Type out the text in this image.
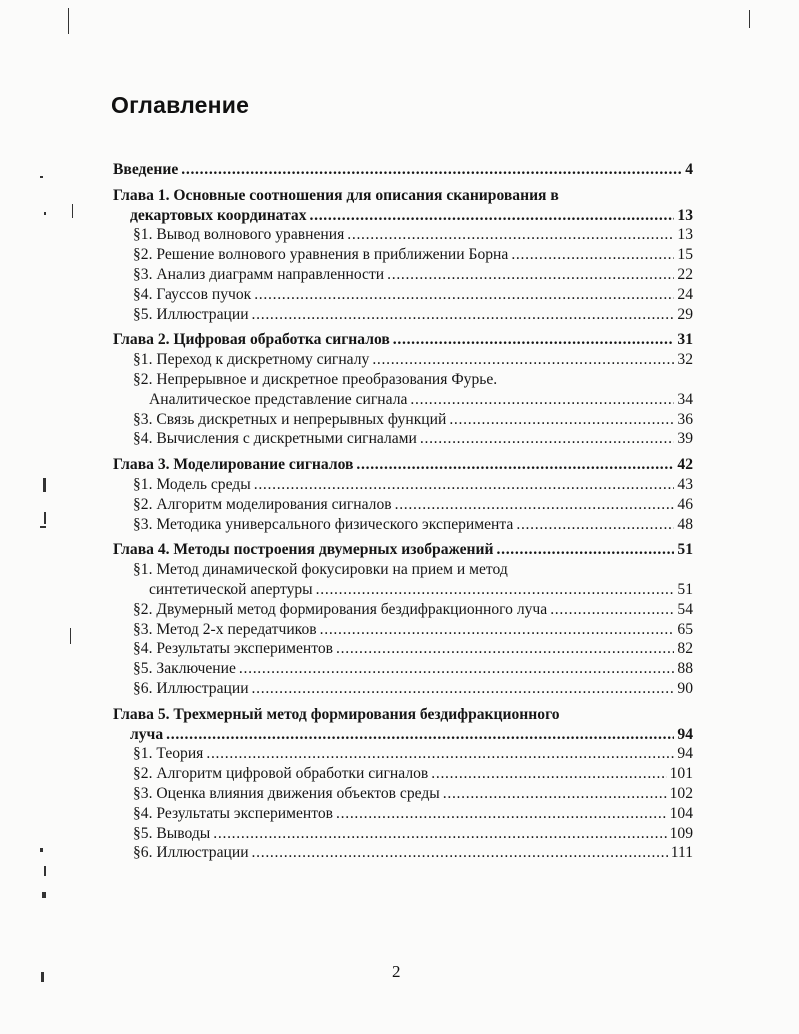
Оглавление
Введение . . .	4
Глава 1. Основные соотношения для описания сканирования в
декартовых координатах . . .	13
§1. Вывод волнового уравнения . . .	13
§2. Решение волнового уравнения в приближении Борна . . .	15
§3. Анализ диаграмм направленности . . .	22
§4. Гауссов пучок . . .	24
§5. Иллюстрации . . .	29
Глава 2. Цифровая обработка сигналов . . .	31
§1. Переход к дискретному сигналу . . .	32
§2. Непрерывное и дискретное преобразования Фурье.
Аналитическое представление сигнала . . .	34
§3. Связь дискретных и непрерывных функций . . .	36
§4. Вычисления с дискретными сигналами . . .	39
Глава 3. Моделирование сигналов . . .	42
§1. Модель среды . . .	43
§2. Алгоритм моделирования сигналов . . .	46
§3. Методика универсального физического эксперимента . . .	48
Глава 4. Методы построения двумерных изображений . . .	51
§1. Метод динамической фокусировки на прием и метод
синтетической апертуры . . .	51
§2. Двумерный метод формирования бездифракционного луча . . .	54
§3. Метод 2-х передатчиков . . .	65
§4. Результаты экспериментов . . .	82
§5. Заключение . . .	88
§6. Иллюстрации . . .	90
Глава 5. Трехмерный метод формирования бездифракционного
луча . . .	94
§1. Теория . . .	94
§2. Алгоритм цифровой обработки сигналов . . .	101
§3. Оценка влияния движения объектов среды . . .	102
§4. Результаты экспериментов . . .	104
§5. Выводы . . .	109
§6. Иллюстрации . . .	111
2
